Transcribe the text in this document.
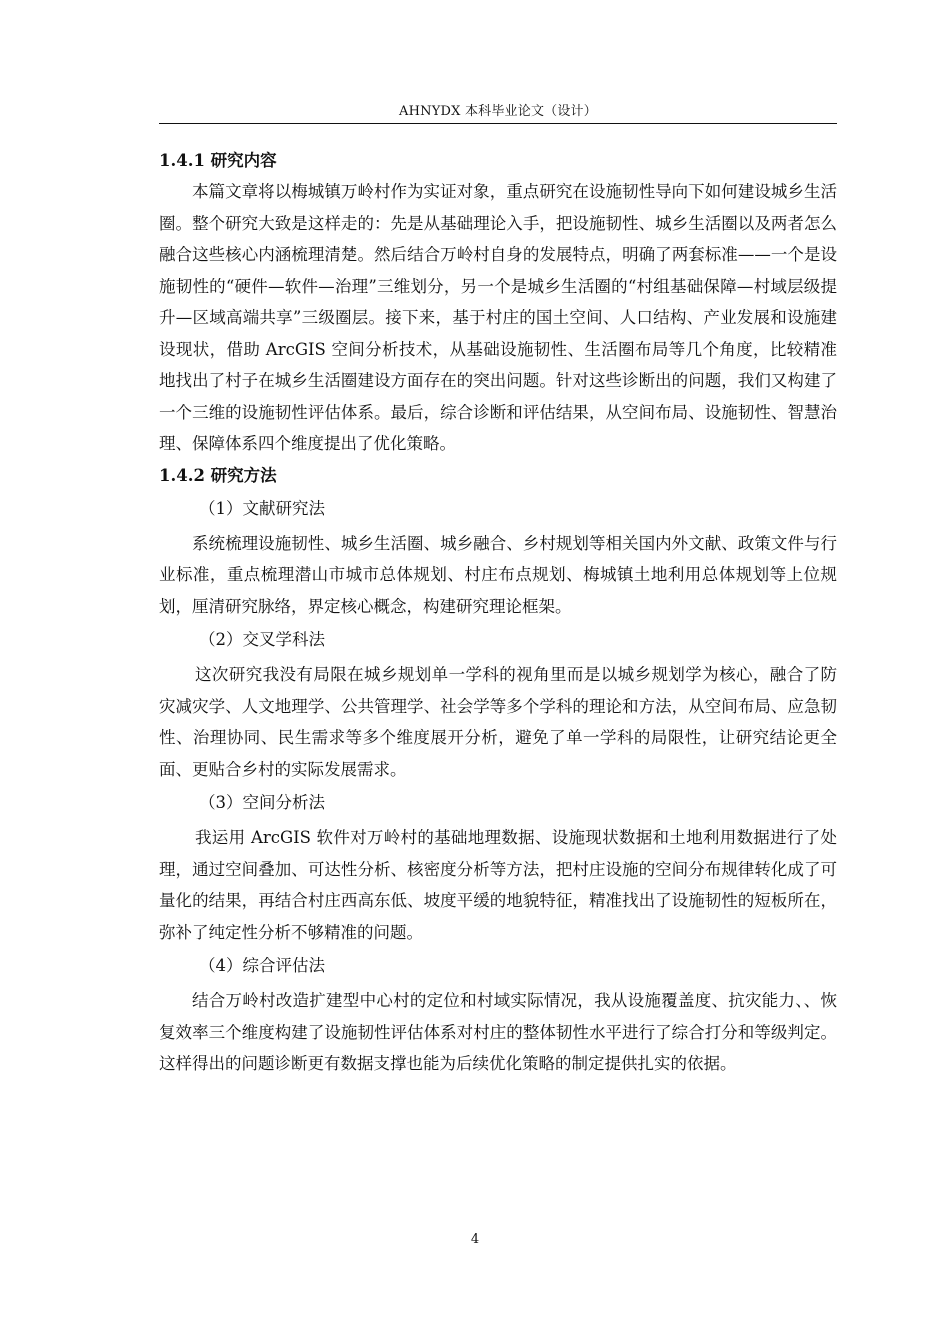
AHNYDX 本科毕业论文（设计）
1.4.1 研究内容

本篇文章将以梅城镇万岭村作为实证对象，重点研究在设施韧性导向下如何建设城乡生活圈。整个研究大致是这样走的：先是从基础理论入手，把设施韧性、城乡生活圈以及两者怎么融合这些核心内涵梳理清楚。然后结合万岭村自身的发展特点，明确了两套标准——一个是设施韧性的“硬件—软件—治理”三维划分，另一个是城乡生活圈的“村组基础保障—村域层级提升—区域高端共享”三级圈层。接下来，基于村庄的国土空间、人口结构、产业发展和设施建设现状，借助 ArcGIS 空间分析技术，从基础设施韧性、生活圈布局等几个角度，比较精准地找出了村子在城乡生活圈建设方面存在的突出问题。针对这些诊断出的问题，我们又构建了一个三维的设施韧性评估体系。最后，综合诊断和评估结果，从空间布局、设施韧性、智慧治理、保障体系四个维度提出了优化策略。

1.4.2 研究方法
（1）文献研究法

系统梳理设施韧性、城乡生活圈、城乡融合、乡村规划等相关国内外文献、政策文件与行业标准，重点梳理潜山市城市总体规划、村庄布点规划、梅城镇土地利用总体规划等上位规划，厘清研究脉络，界定核心概念，构建研究理论框架。

（2）交叉学科法

这次研究我没有局限在城乡规划单一学科的视角里而是以城乡规划学为核心，融合了防灾减灾学、人文地理学、公共管理学、社会学等多个学科的理论和方法，从空间布局、应急韧性、治理协同、民生需求等多个维度展开分析，避免了单一学科的局限性，让研究结论更全面、更贴合乡村的实际发展需求。

（3）空间分析法

我运用 ArcGIS 软件对万岭村的基础地理数据、设施现状数据和土地利用数据进行了处理，通过空间叠加、可达性分析、核密度分析等方法，把村庄设施的空间分布规律转化成了可量化的结果，再结合村庄西高东低、坡度平缓的地貌特征，精准找出了设施韧性的短板所在，弥补了纯定性分析不够精准的问题。

（4）综合评估法

结合万岭村改造扩建型中心村的定位和村域实际情况，我从设施覆盖度、抗灾能力、、恢复效率三个维度构建了设施韧性评估体系对村庄的整体韧性水平进行了综合打分和等级判定。这样得出的问题诊断更有数据支撑也能为后续优化策略的制定提供扎实的依据。

4
